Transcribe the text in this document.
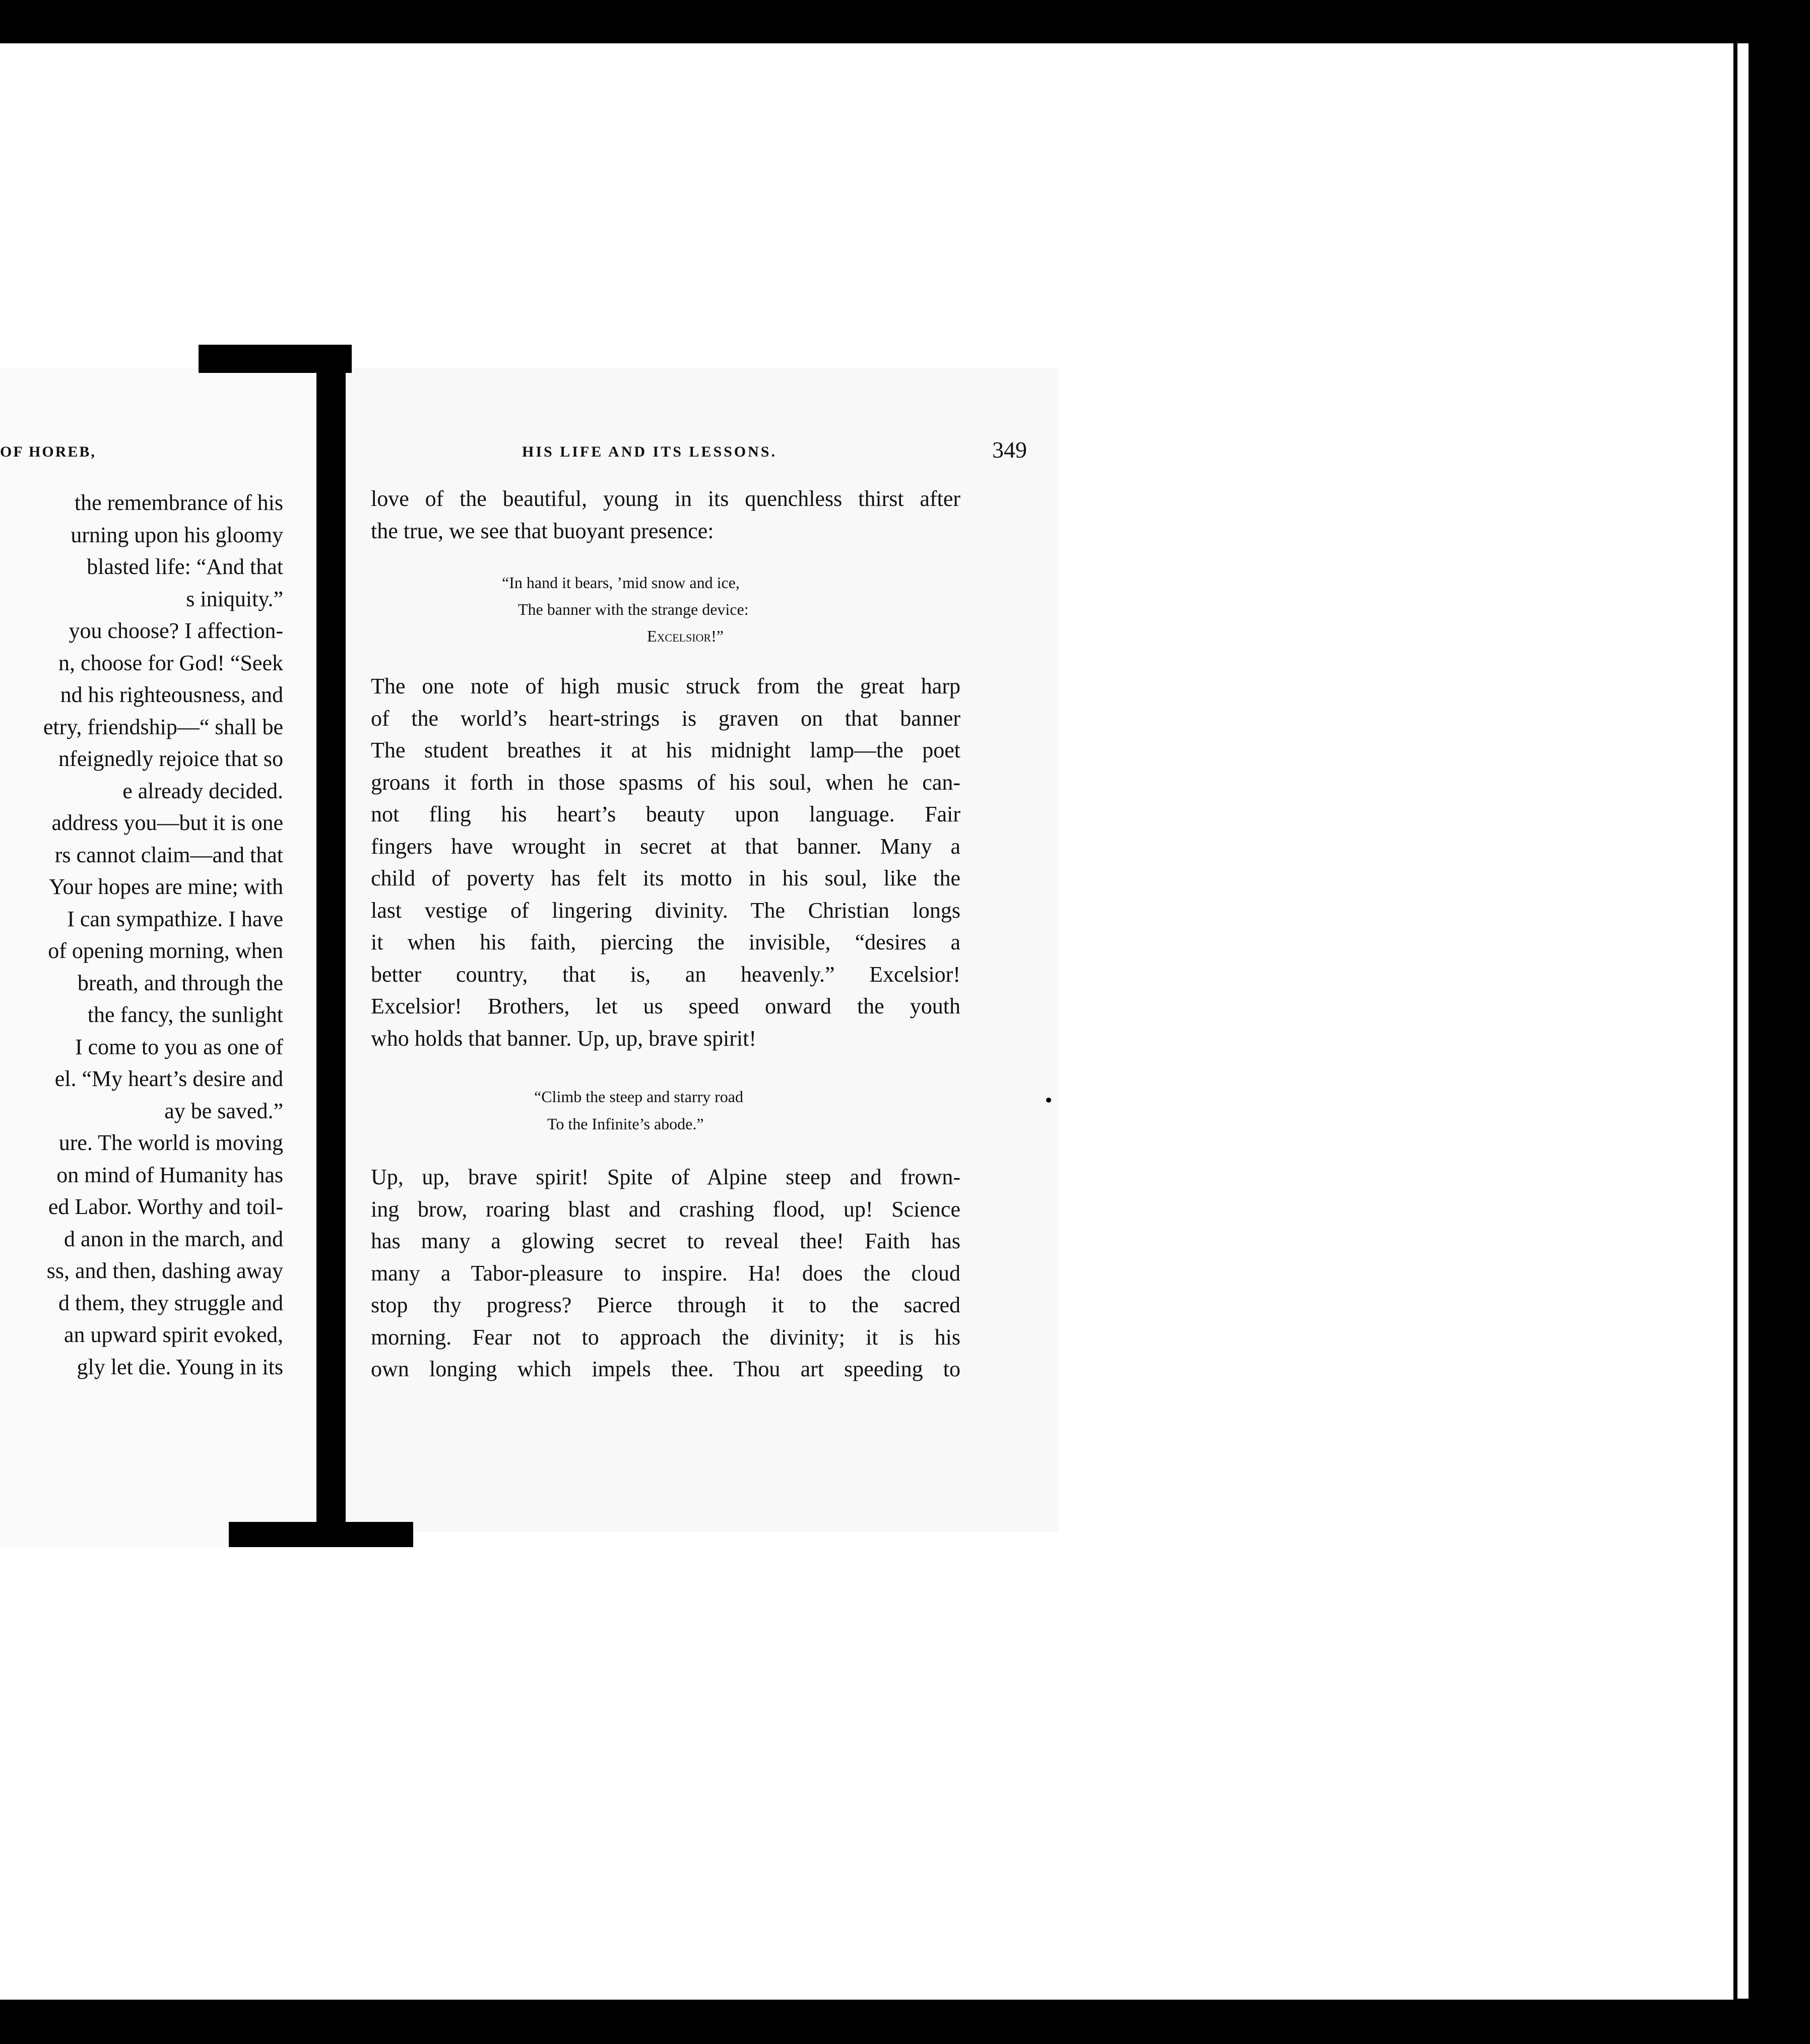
OF HOREB,
the remembrance of his
urning upon his gloomy
blasted life: “And that
s iniquity.”
you choose? I affection-
n, choose for God! “Seek
nd his righteousness, and
etry, friendship—“ shall be
nfeignedly rejoice that so
e already decided.
address you—but it is one
rs cannot claim—and that
Your hopes are mine; with
I can sympathize. I have
of opening morning, when
breath, and through the
the fancy, the sunlight
I come to you as one of
el. “My heart’s desire and
ay be saved.”
ure. The world is moving
on mind of Humanity has
ed Labor. Worthy and toil-
d anon in the march, and
ss, and then, dashing away
d them, they struggle and
an upward spirit evoked,
gly let die. Young in its
HIS LIFE AND ITS LESSONS.	349
love of the beautiful, young in its quenchless thirst after
the true, we see that buoyant presence:
“In hand it bears, ’mid snow and ice,
The banner with the strange device:
Excelsior!”
The one note of high music struck from the great harp
of the world’s heart-strings is graven on that banner
The student breathes it at his midnight lamp—the poet
groans it forth in those spasms of his soul, when he can-
not fling his heart’s beauty upon language. Fair
fingers have wrought in secret at that banner. Many a
child of poverty has felt its motto in his soul, like the
last vestige of lingering divinity. The Christian longs
it when his faith, piercing the invisible, “desires a
better country, that is, an heavenly.” Excelsior!
Excelsior! Brothers, let us speed onward the youth
who holds that banner. Up, up, brave spirit!
“Climb the steep and starry road
To the Infinite’s abode.”
Up, up, brave spirit! Spite of Alpine steep and frown-
ing brow, roaring blast and crashing flood, up! Science
has many a glowing secret to reveal thee! Faith has
many a Tabor-pleasure to inspire. Ha! does the cloud
stop thy progress? Pierce through it to the sacred
morning. Fear not to approach the divinity; it is his
own longing which impels thee. Thou art speeding to
